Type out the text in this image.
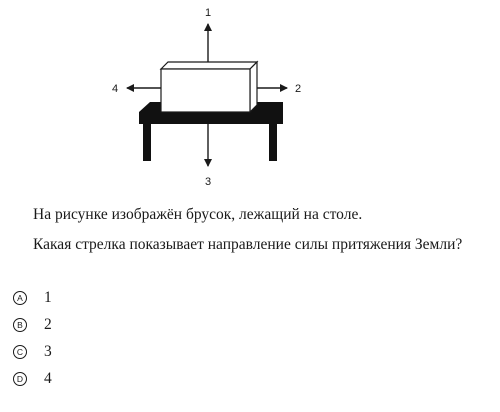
1
2
3
4

На рисунке изображён брусок, лежащий на столе.

Какая стрелка показывает направление силы притяжения Земли?

A 1
B 2
C 3
D 4
